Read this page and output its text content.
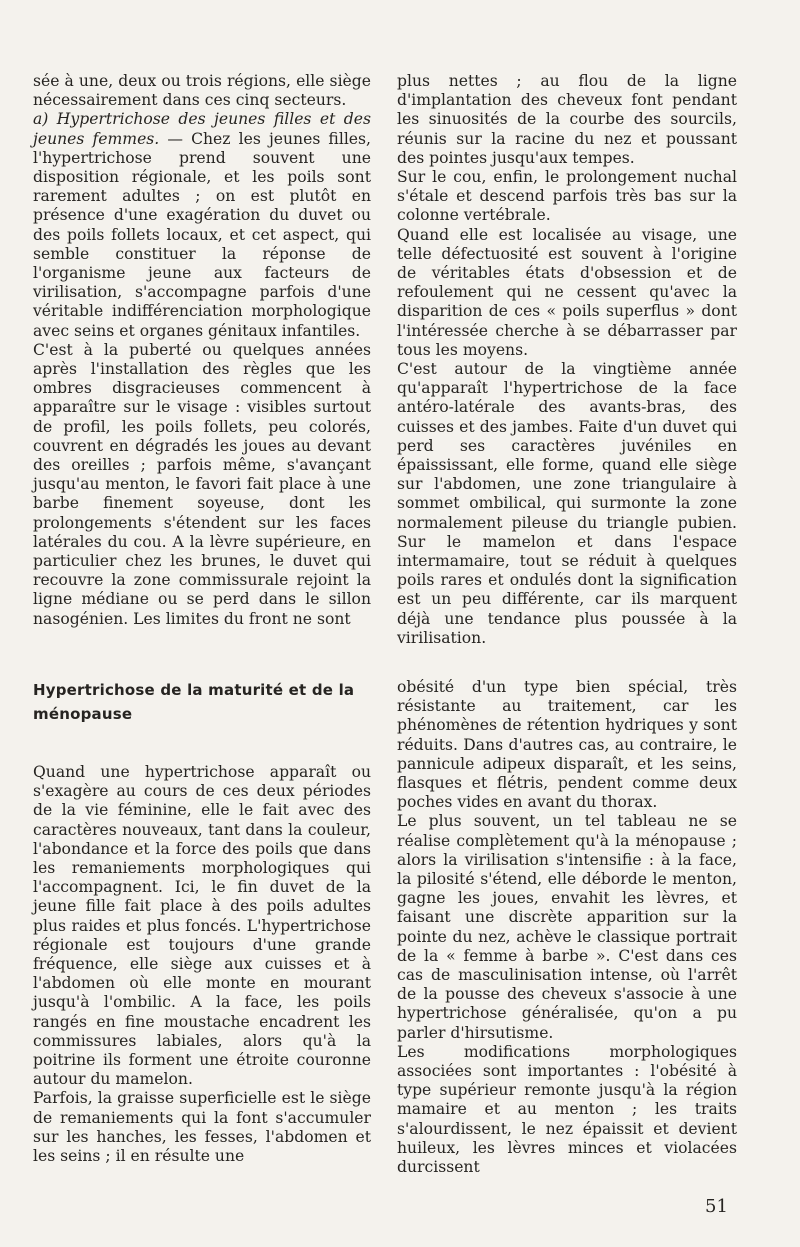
sée à une, deux ou trois régions, elle siège nécessairement dans ces cinq secteurs.

a) Hypertrichose des jeunes filles et des jeunes femmes. — Chez les jeunes filles, l'hypertrichose prend souvent une disposition régionale, et les poils sont rarement adultes ; on est plutôt en présence d'une exagération du duvet ou des poils follets locaux, et cet aspect, qui semble constituer la réponse de l'organisme jeune aux facteurs de virilisation, s'accompagne parfois d'une véritable indifférenciation morphologique avec seins et organes génitaux infantiles.

C'est à la puberté ou quelques années après l'installation des règles que les ombres disgracieuses commencent à apparaître sur le visage : visibles surtout de profil, les poils follets, peu colorés, couvrent en dégradés les joues au devant des oreilles ; parfois même, s'avançant jusqu'au menton, le favori fait place à une barbe finement soyeuse, dont les prolongements s'étendent sur les faces latérales du cou. A la lèvre supérieure, en particulier chez les brunes, le duvet qui recouvre la zone commissurale rejoint la ligne médiane ou se perd dans le sillon nasogénien. Les limites du front ne sont

plus nettes ; au flou de la ligne d'implantation des cheveux font pendant les sinuosités de la courbe des sourcils, réunis sur la racine du nez et poussant des pointes jusqu'aux tempes.

Sur le cou, enfin, le prolongement nuchal s'étale et descend parfois très bas sur la colonne vertébrale.

Quand elle est localisée au visage, une telle défectuosité est souvent à l'origine de véritables états d'obsession et de refoulement qui ne cessent qu'avec la disparition de ces « poils superflus » dont l'intéressée cherche à se débarrasser par tous les moyens.

C'est autour de la vingtième année qu'apparaît l'hypertrichose de la face antéro-latérale des avants-bras, des cuisses et des jambes. Faite d'un duvet qui perd ses caractères juvéniles en épaississant, elle forme, quand elle siège sur l'abdomen, une zone triangulaire à sommet ombilical, qui surmonte la zone normalement pileuse du triangle pubien. Sur le mamelon et dans l'espace intermamaire, tout se réduit à quelques poils rares et ondulés dont la signification est un peu différente, car ils marquent déjà une tendance plus poussée à la virilisation.

Hypertrichose de la maturité et de la ménopause

Quand une hypertrichose apparaît ou s'exagère au cours de ces deux périodes de la vie féminine, elle le fait avec des caractères nouveaux, tant dans la couleur, l'abondance et la force des poils que dans les remaniements morphologiques qui l'accompagnent. Ici, le fin duvet de la jeune fille fait place à des poils adultes plus raides et plus foncés. L'hypertrichose régionale est toujours d'une grande fréquence, elle siège aux cuisses et à l'abdomen où elle monte en mourant jusqu'à l'ombilic. A la face, les poils rangés en fine moustache encadrent les commissures labiales, alors qu'à la poitrine ils forment une étroite couronne autour du mamelon.

Parfois, la graisse superficielle est le siège de remaniements qui la font s'accumuler sur les hanches, les fesses, l'abdomen et les seins ; il en résulte une

obésité d'un type bien spécial, très résistante au traitement, car les phénomènes de rétention hydriques y sont réduits. Dans d'autres cas, au contraire, le pannicule adipeux disparaît, et les seins, flasques et flétris, pendent comme deux poches vides en avant du thorax.

Le plus souvent, un tel tableau ne se réalise complètement qu'à la ménopause ; alors la virilisation s'intensifie : à la face, la pilosité s'étend, elle déborde le menton, gagne les joues, envahit les lèvres, et faisant une discrète apparition sur la pointe du nez, achève le classique portrait de la « femme à barbe ». C'est dans ces cas de masculinisation intense, où l'arrêt de la pousse des cheveux s'associe à une hypertrichose généralisée, qu'on a pu parler d'hirsutisme.

Les modifications morphologiques associées sont importantes : l'obésité à type supérieur remonte jusqu'à la région mamaire et au menton ; les traits s'alourdissent, le nez épaissit et devient huileux, les lèvres minces et violacées durcissent

51
